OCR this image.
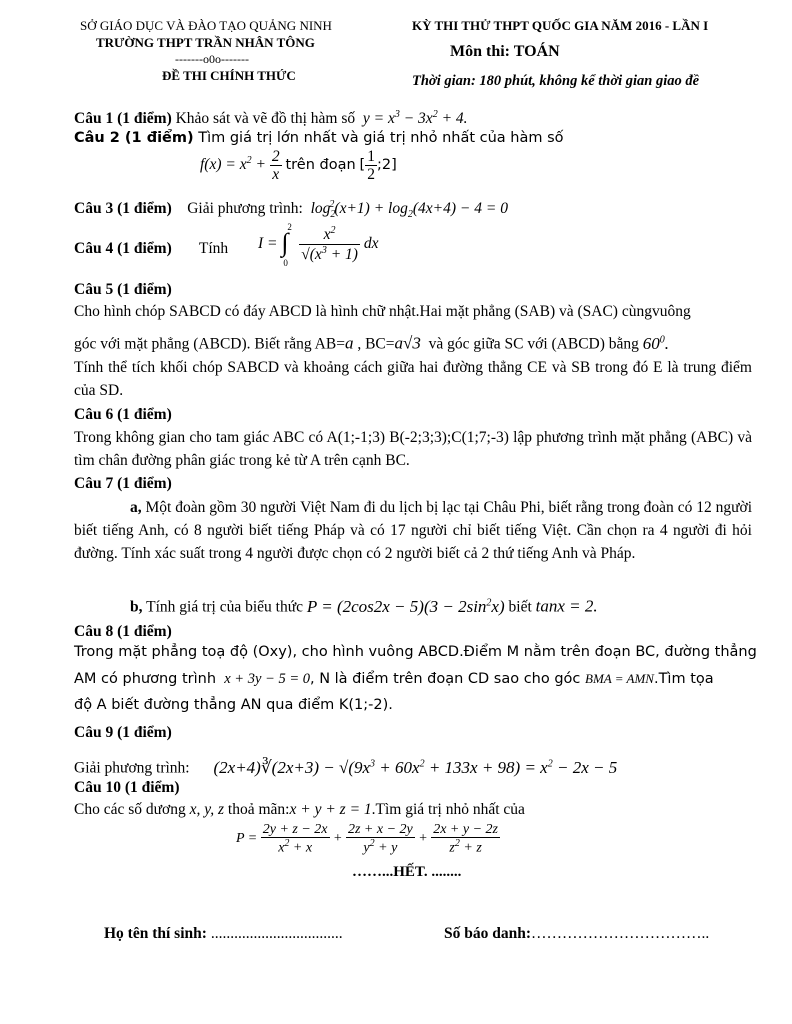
SỞ GIÁO DỤC VÀ ĐÀO TẠO QUẢNG NINH
TRƯỜNG THPT TRẦN NHÂN TÔNG
-------o0o-------
ĐỀ THI CHÍNH THỨC
KỲ THI THỬ THPT QUỐC GIA NĂM 2016 - LẦN I
Môn thi: TOÁN
Thời gian: 180 phút, không kể thời gian giao đề
Câu 1 (1 điểm) Khảo sát và vẽ đồ thị hàm số  $y = x^3 - 3x^2 + 4$.
Câu 2 (1 điểm) Tìm giá trị lớn nhất và giá trị nhỏ nhất của hàm số
$f(x) = x^2 + \frac{2}{x}$ trên đoạn [ $\frac{1}{2}$ ;2]
Câu 3 (1 điểm) Giải phương trình:  $\log_2^2(x+1) + \log_2(4x+4) - 4 = 0$
Câu 4 (1 điểm) Tính I =
2
∫
0

$\frac{x^2}{√(x^3 + 1)}$ dx
Câu 5 (1 điểm)
Cho hình chóp SABCD có đáy ABCD là hình chữ nhật.Hai mặt phẳng (SAB) và (SAC) cùngvuông
góc với mặt phẳng (ABCD). Biết rằng AB=a , BC=a√3 và góc giữa SC với (ABCD) bằng $60^0$.
Tính thể tích khối chóp SABCD và khoảng cách giữa hai đường thẳng CE và SB trong đó E là trung điểm của SD.
Câu 6 (1 điểm)
Trong không gian cho tam giác ABC có A(1;-1;3) B(-2;3;3);C(1;7;-3) lập phương trình mặt phẳng (ABC) và tìm chân đường phân giác trong kẻ từ A trên cạnh BC.
Câu 7 (1 điểm)
a, Một đoàn gồm 30 người Việt Nam đi du lịch bị lạc tại Châu Phi, biết rằng trong đoàn có 12 người biết tiếng Anh, có 8 người biết tiếng Pháp và có 17 người chỉ biết tiếng Việt. Cần chọn ra 4 người đi hỏi đường. Tính xác suất trong 4 người được chọn có 2 người biết cả 2 thứ tiếng Anh và Pháp.
b, Tính giá trị của biểu thức $P = (2\cos 2x - 5)(3 - 2\sin^2x)$ biết tanx = 2.
Câu 8 (1 điểm)
Trong mặt phẳng toạ độ (Oxy), cho hình vuông ABCD.Điểm M nằm trên đoạn BC, đường thẳng
AM có phương trình  x + 3y − 5 = 0, N là điểm trên đoạn CD sao cho góc BMA = AMN.Tìm tọa
độ A biết đường thẳng AN qua điểm K(1;-2).
Câu 9 (1 điểm)
Giải phương trình: (2x+4)∛(2x+3) − $√(9x^3 + 60x^2 + 133x + 98) = x^2 - 2x - 5$
Câu 10 (1 điểm)
Cho các số dương x, y, z thoả mãn:x + y + z = 1.Tìm giá trị nhỏ nhất của
$P = \frac{2y + z - 2x}{x^2 + x} + \frac{2z + x - 2y}{y^2 + y} + \frac{2x + y - 2z}{z^2 + z}$
……...HẾT. ........
Họ tên thí sinh: ..................................	Số báo danh:……………………………..
